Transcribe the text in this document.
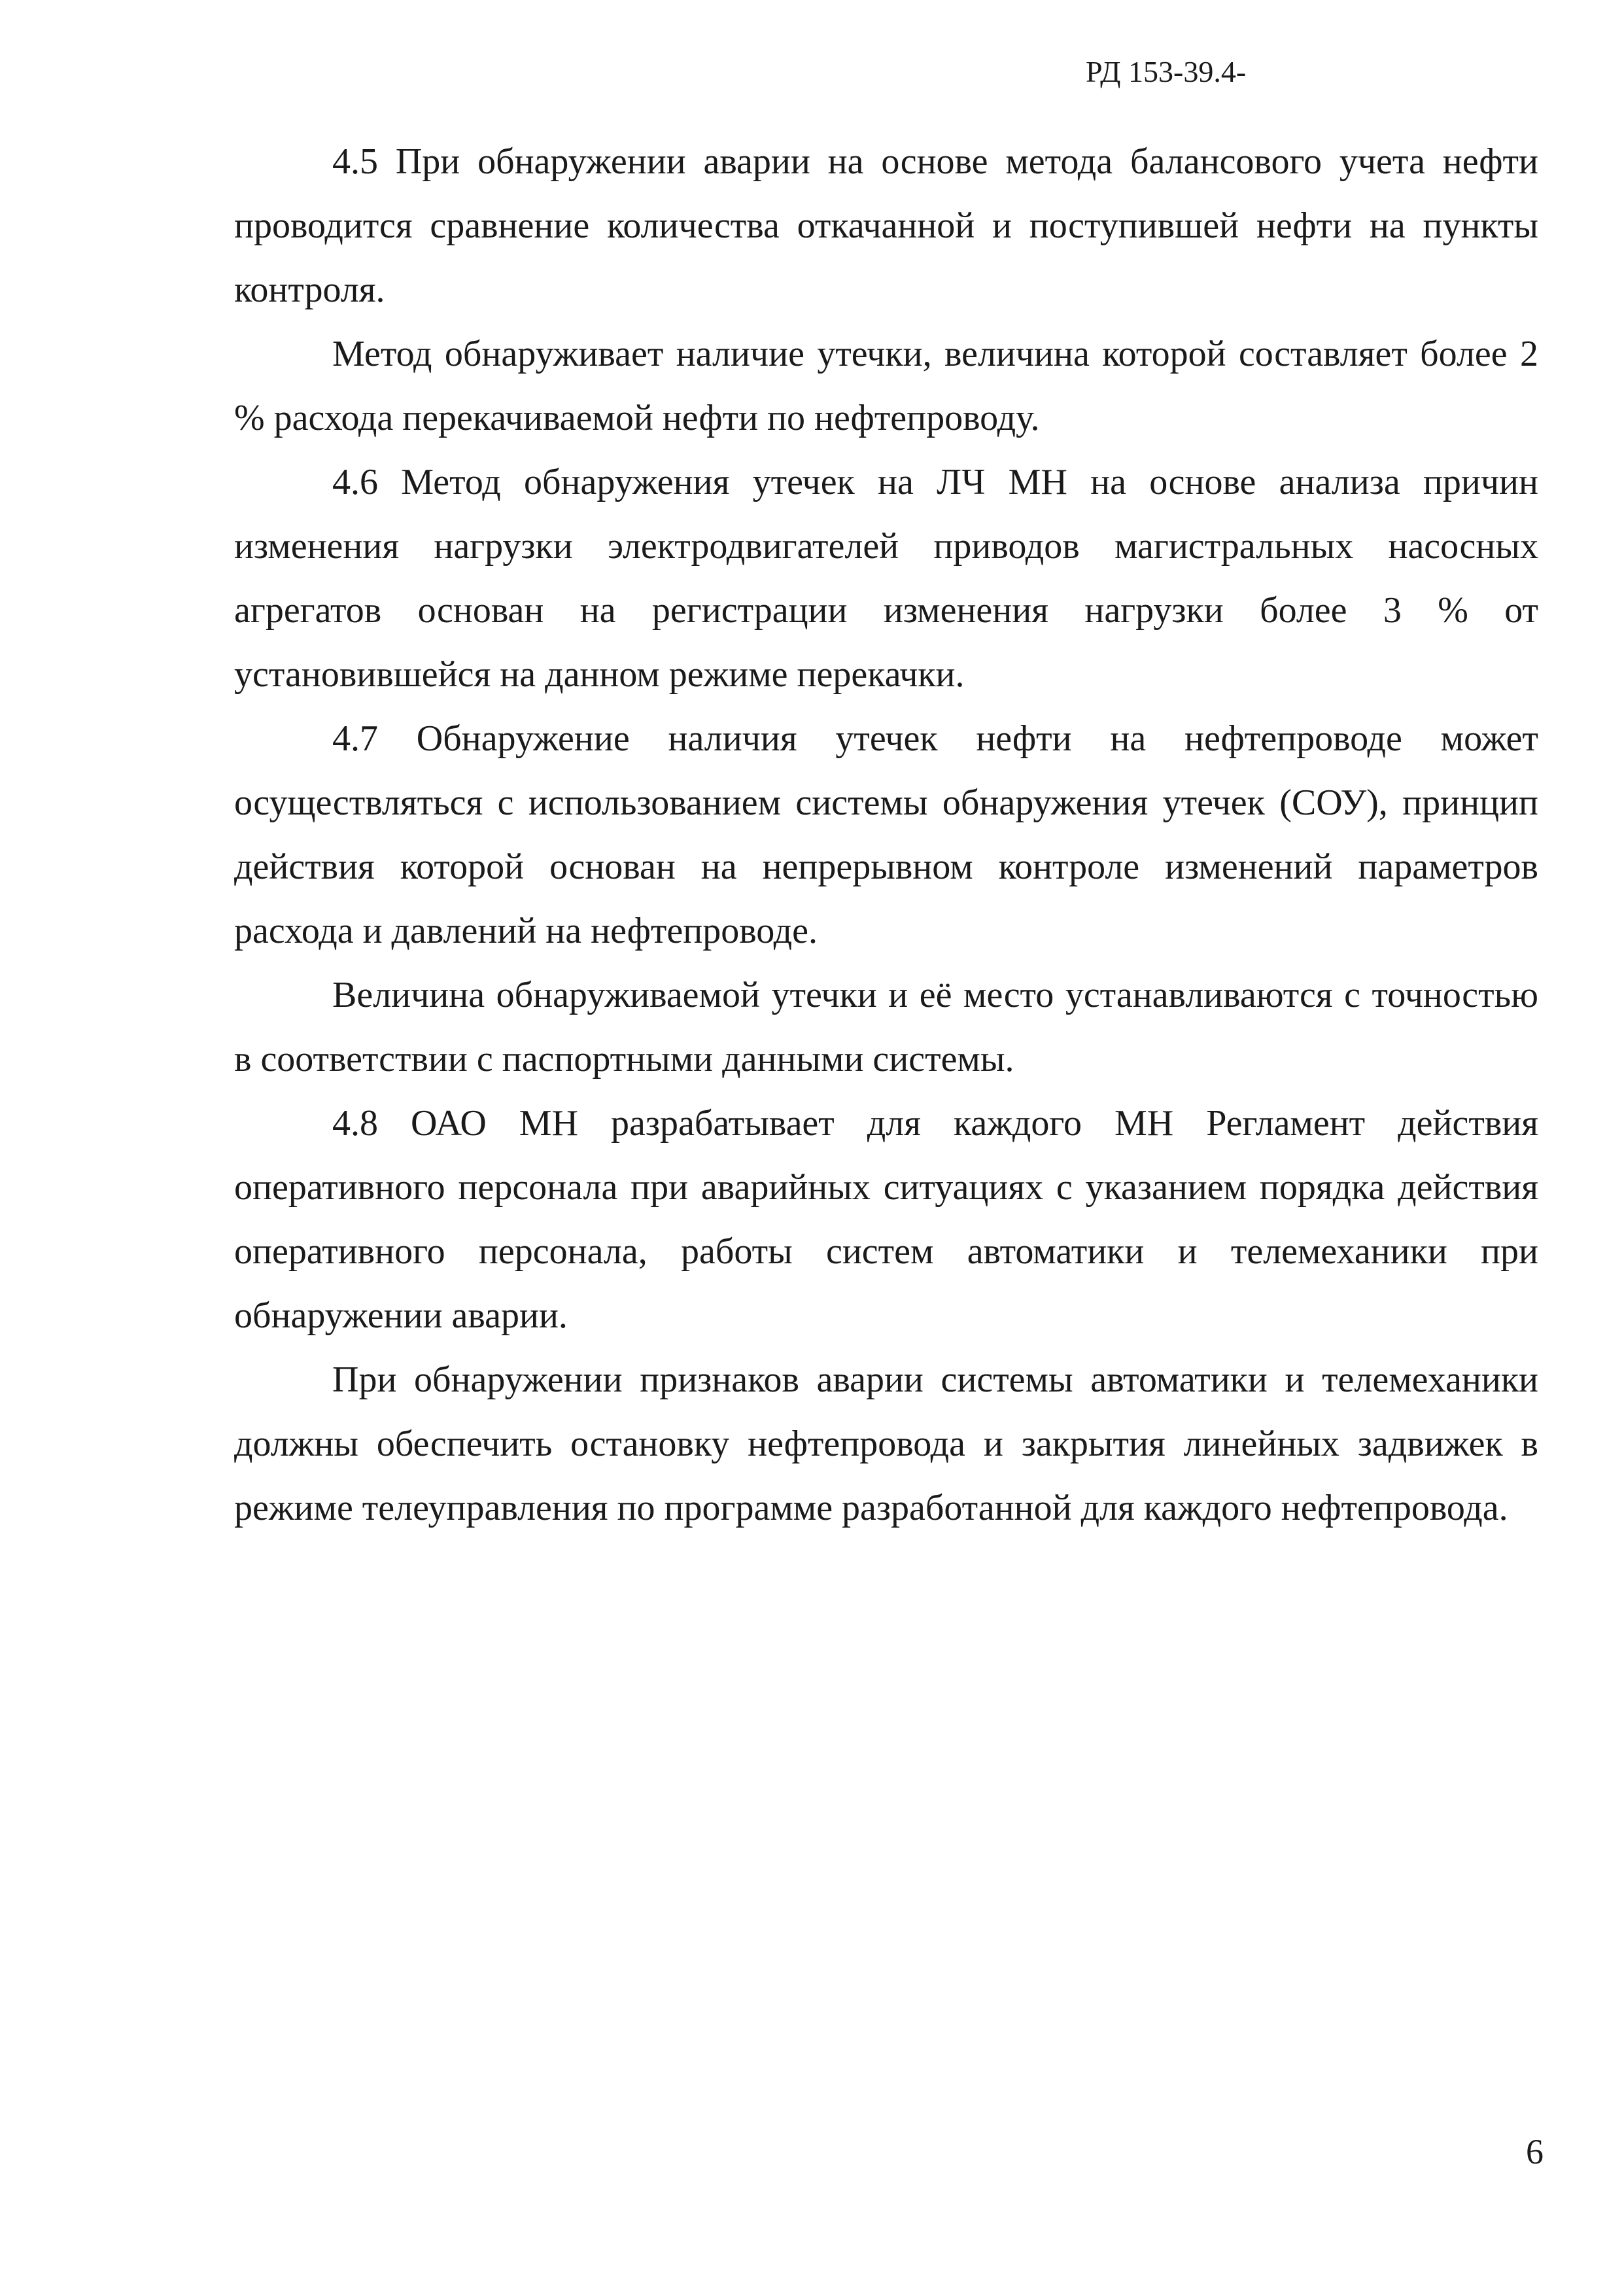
РД 153-39.4-

4.5 При обнаружении аварии на основе метода балансового учета нефти проводится сравнение количества откачанной и поступившей нефти на пункты контроля.

Метод обнаруживает наличие утечки, величина которой составляет более 2 % расхода перекачиваемой нефти по нефтепроводу.

4.6 Метод обнаружения утечек на ЛЧ МН на основе анализа причин изменения нагрузки электродвигателей приводов магистральных насосных агрегатов основан на регистрации изменения нагрузки более 3 % от установившейся на данном режиме перекачки.

4.7 Обнаружение наличия утечек нефти на нефтепроводе может осуществляться с использованием системы обнаружения утечек (СОУ), принцип действия которой основан на непрерывном контроле изменений параметров расхода и давлений на нефтепроводе.

Величина обнаруживаемой утечки и её место устанавливаются с точностью в соответствии с паспортными данными системы.

4.8 ОАО МН разрабатывает для каждого МН Регламент действия оперативного персонала при аварийных ситуациях с указанием порядка действия оперативного персонала, работы систем автоматики и телемеханики при обнаружении аварии.

При обнаружении признаков аварии системы автоматики и телемеханики должны обеспечить остановку нефтепровода и закрытия линейных задвижек в режиме телеуправления по программе разработанной для каждого нефтепровода.

6
